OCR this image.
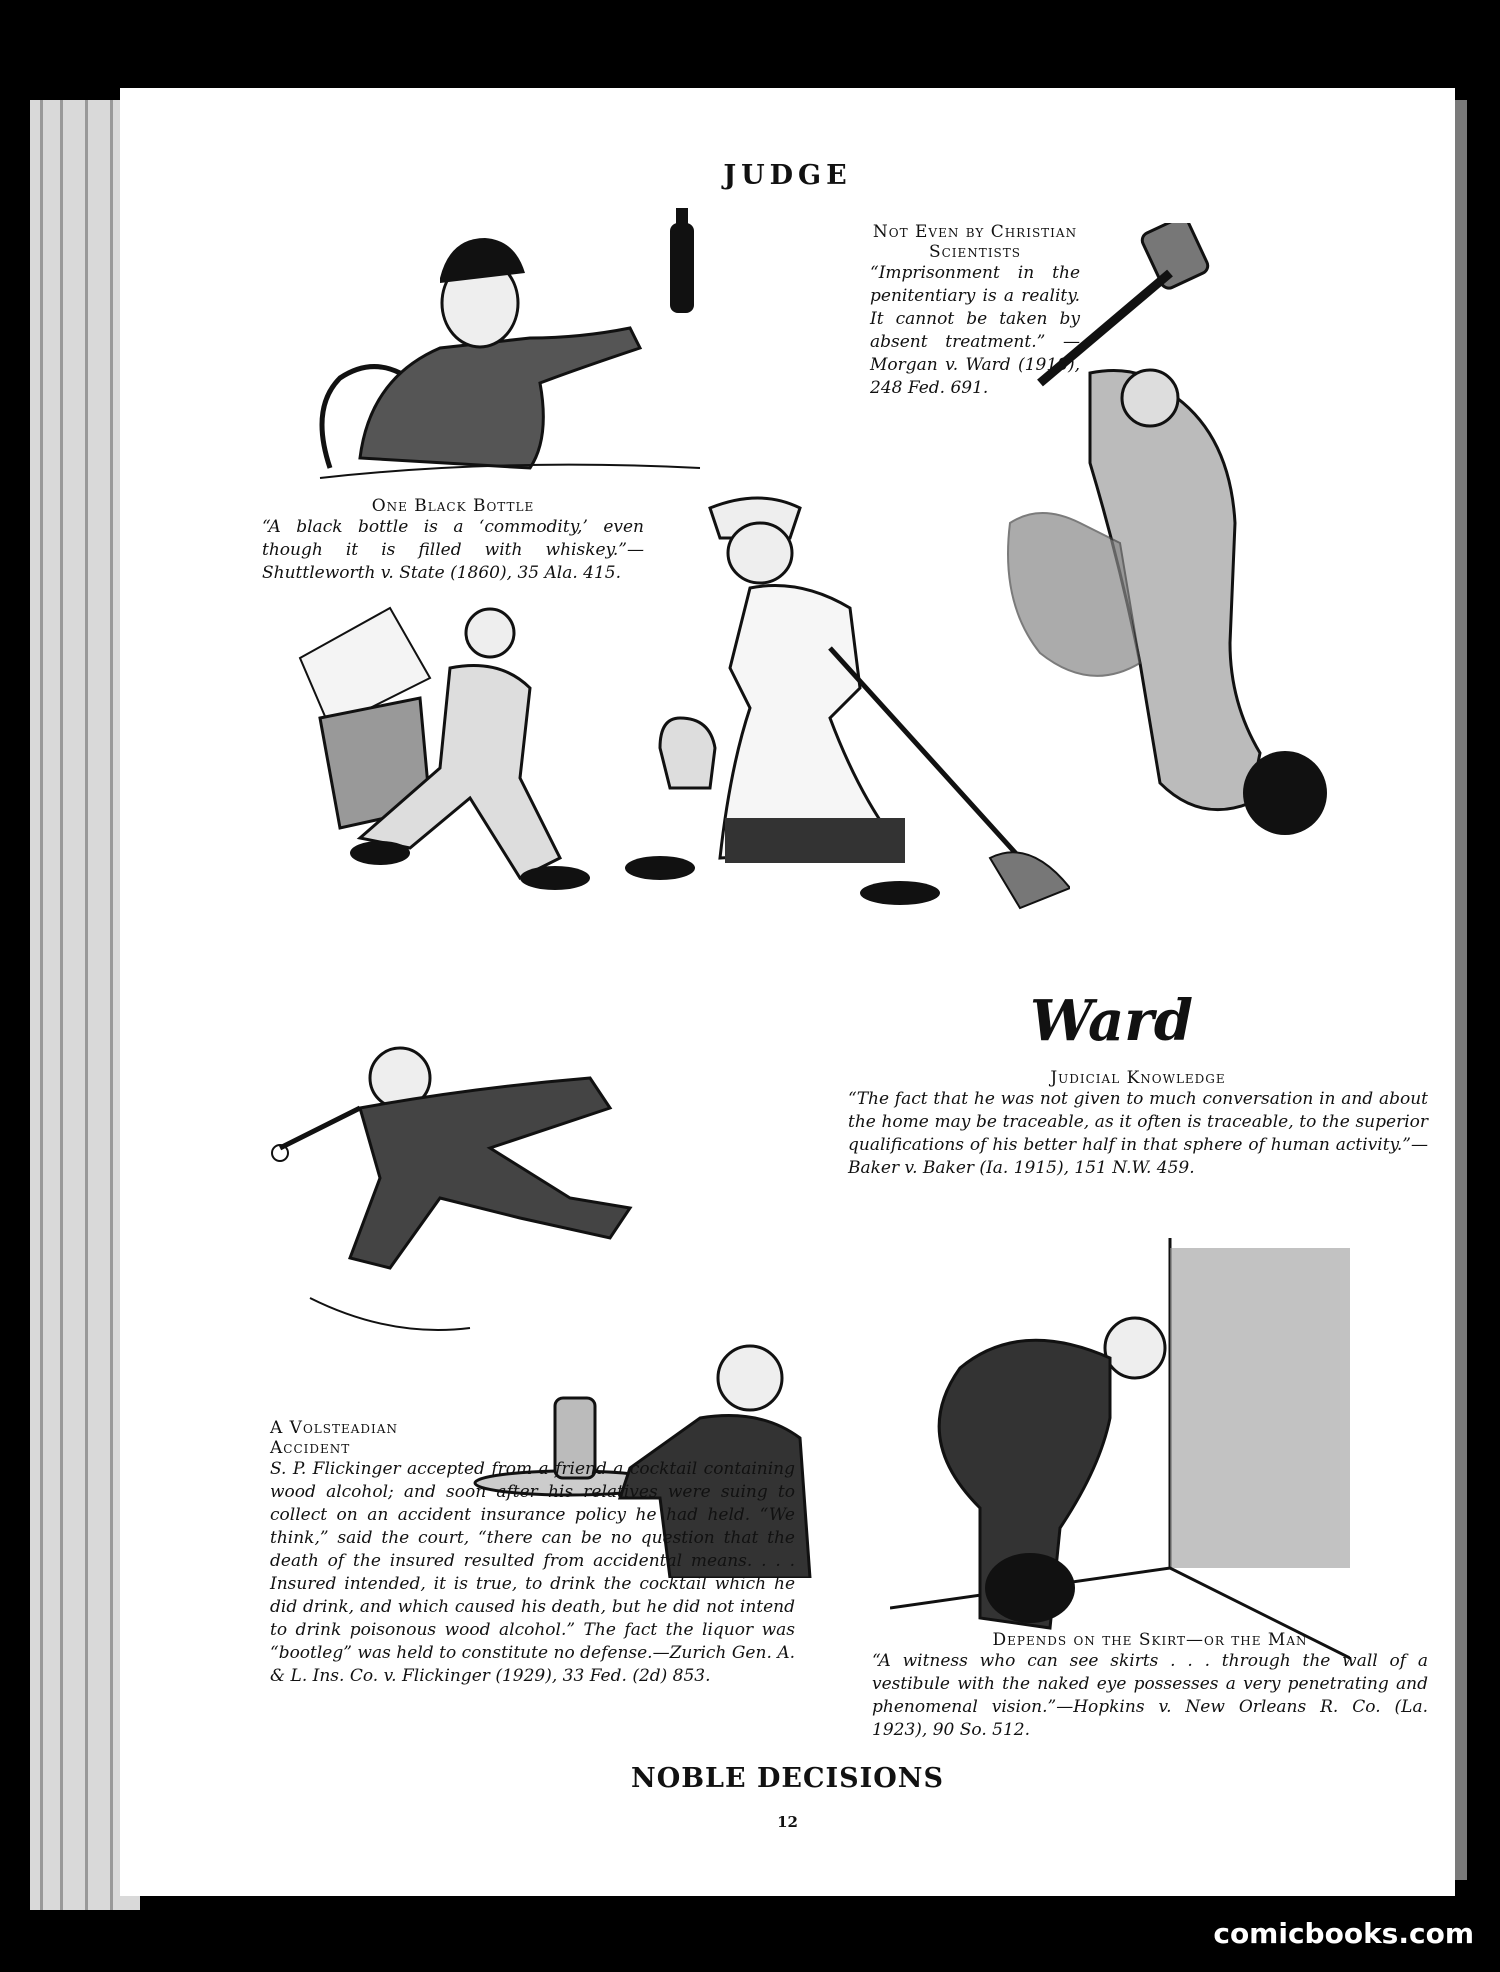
JUDGE
One Black Bottle
“A black bottle is a ‘commodity,’ even though it is filled with whiskey.”—Shuttleworth v. State (1860), 35 Ala. 415.
Not Even by Christian Scientists
“Imprisonment in the penitentiary is a reality. It cannot be taken by absent treatment.” — Morgan v. Ward (1918), 248 Fed. 691.
Ward
Judicial Knowledge
“The fact that he was not given to much conversation in and about the home may be traceable, as it often is traceable, to the superior qualifications of his better half in that sphere of human activity.”—Baker v. Baker (Ia. 1915), 151 N.W. 459.
A Volsteadian Accident
S. P. Flickinger accepted from a friend a cocktail containing wood alcohol; and soon after his relatives were suing to collect on an accident insurance policy he had held. “We think,” said the court, “there can be no question that the death of the insured resulted from accidental means. . . . Insured intended, it is true, to drink the cocktail which he did drink, and which caused his death, but he did not intend to drink poisonous wood alcohol.” The fact the liquor was “bootleg” was held to constitute no defense.—Zurich Gen. A. & L. Ins. Co. v. Flickinger (1929), 33 Fed. (2d) 853.
Depends on the Skirt—or the Man
“A witness who can see skirts . . . through the wall of a vestibule with the naked eye possesses a very penetrating and phenomenal vision.”—Hopkins v. New Orleans R. Co. (La. 1923), 90 So. 512.
NOBLE DECISIONS
12
comicbooks.com
